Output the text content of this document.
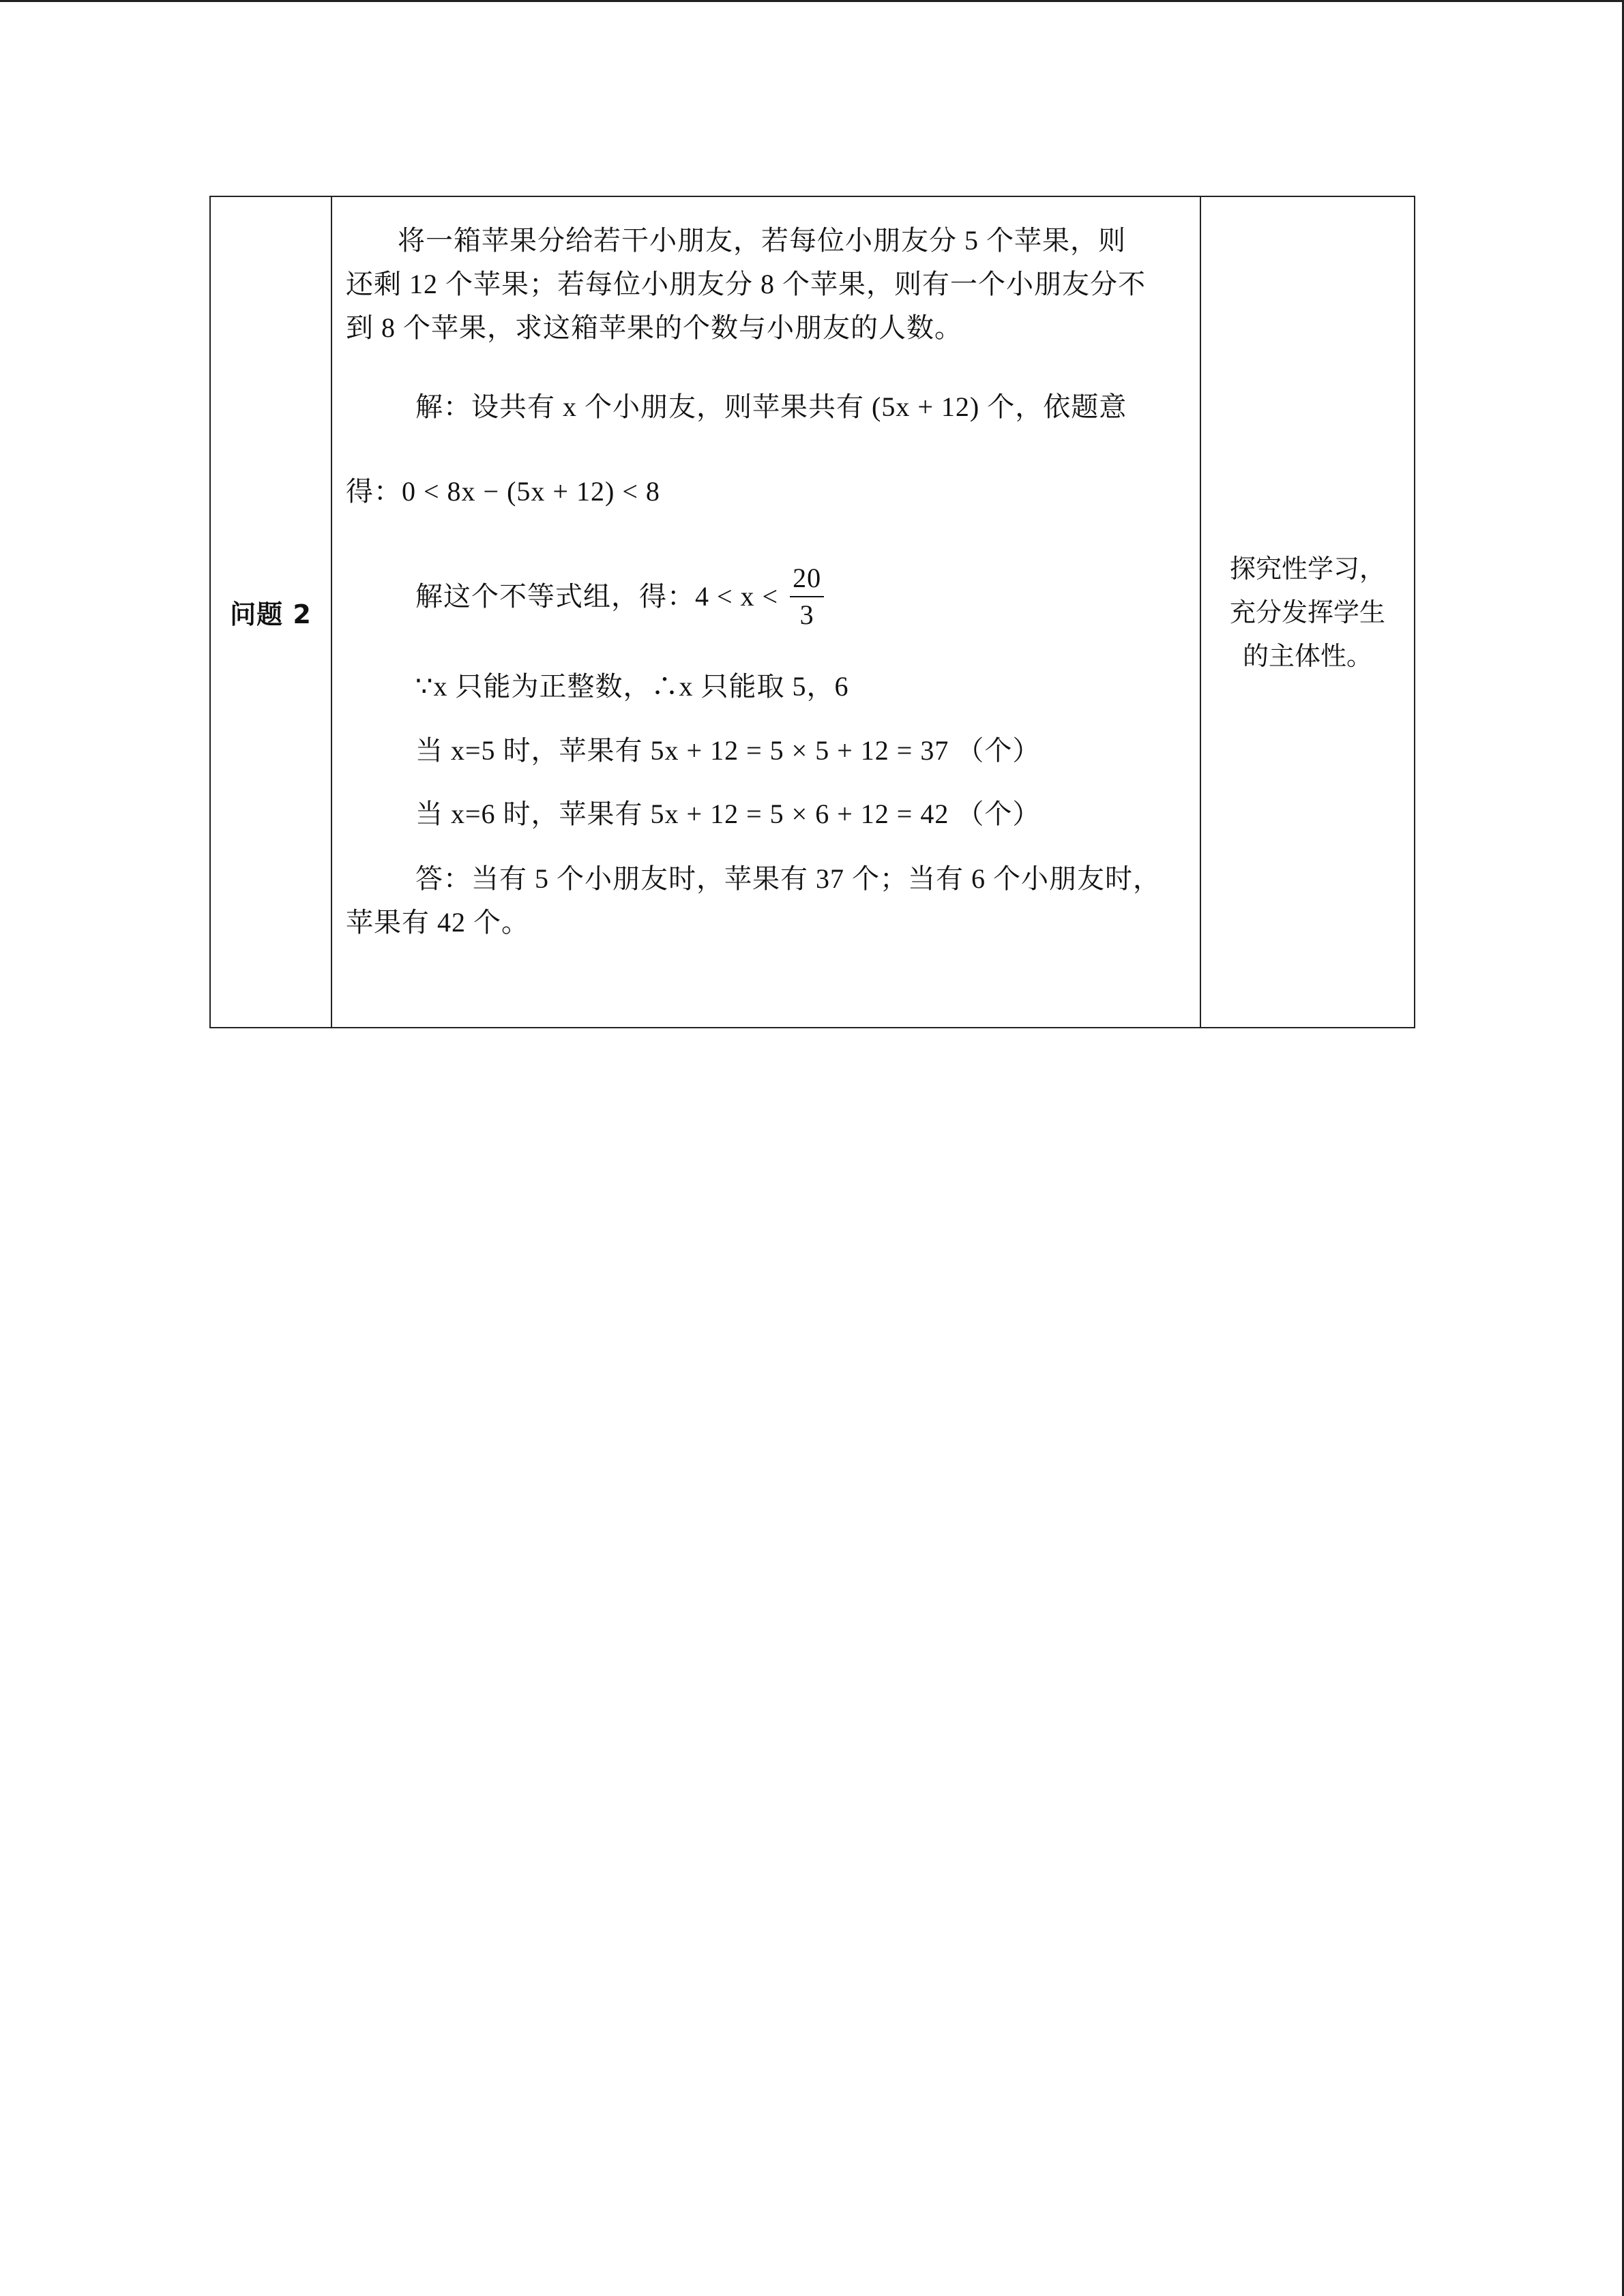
问题 2	
将一箱苹果分给若干小朋友，若每位小朋友分 5 个苹果，则
还剩 12 个苹果；若每位小朋友分 8 个苹果，则有一个小朋友分不
到 8 个苹果，求这箱苹果的个数与小朋友的人数。
解：设共有 x 个小朋友，则苹果共有 (5x + 12) 个，依题意
得：0 < 8x − (5x + 12) < 8
解这个不等式组，得：$4 < x < \frac{20}{3}$
∵x 只能为正整数，∴x 只能取 5，6
当 x=5 时，苹果有 5x + 12 = 5 × 5 + 12 = 37 （个）
当 x=6 时，苹果有 5x + 12 = 5 × 6 + 12 = 42 （个）
答：当有 5 个小朋友时，苹果有 37 个；当有 6 个小朋友时，
苹果有 42 个。
	探究性学习，充分发挥学生的主体性。
